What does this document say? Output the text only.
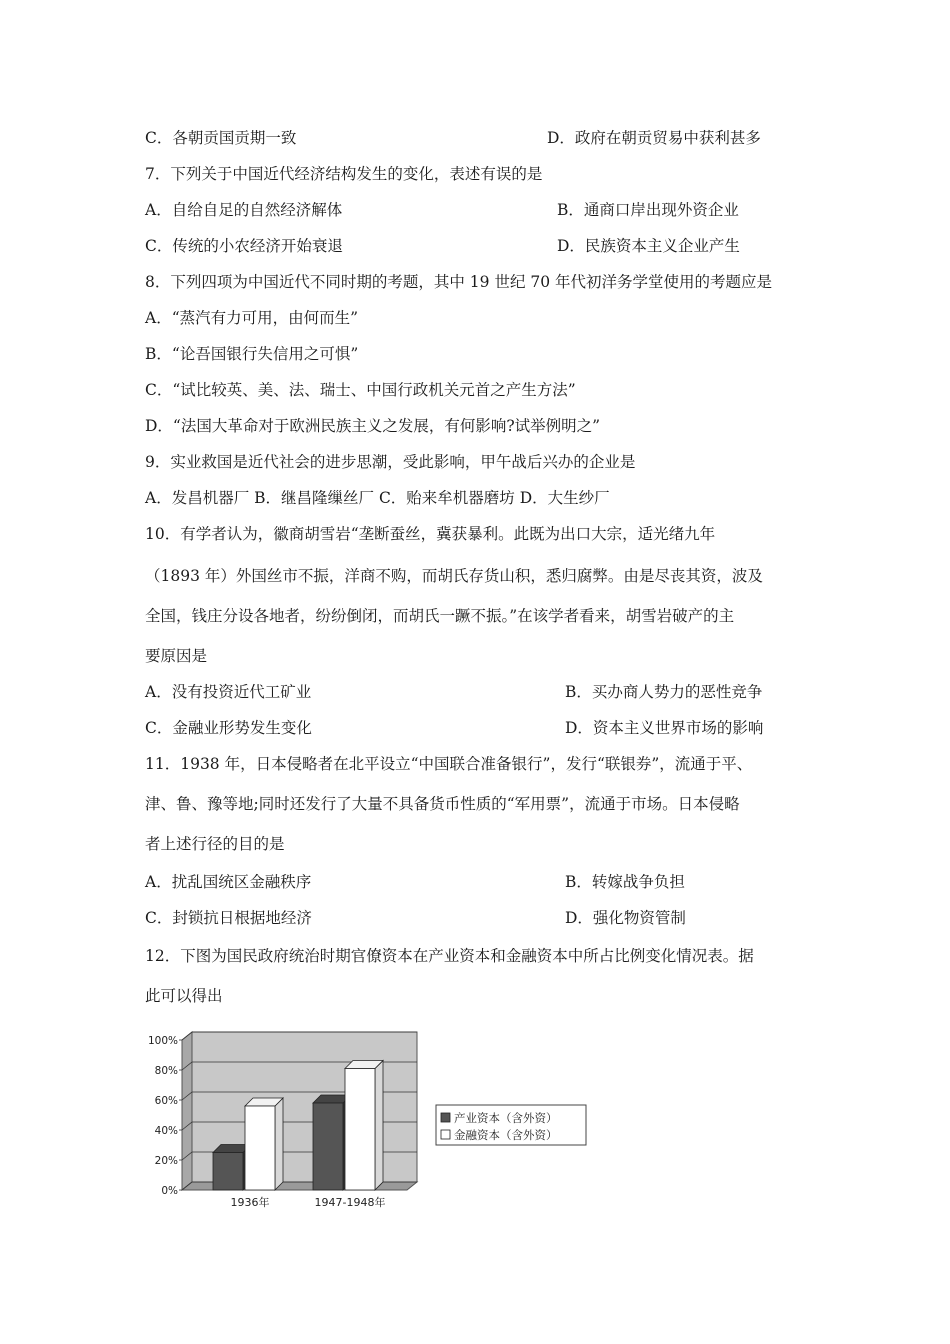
C．各朝贡国贡期一致	D．政府在朝贡贸易中获利甚多
7．下列关于中国近代经济结构发生的变化，表述有误的是
A．自给自足的自然经济解体	B．通商口岸出现外资企业
C．传统的小农经济开始衰退	D．民族资本主义企业产生
8．下列四项为中国近代不同时期的考题，其中 19 世纪 70 年代初洋务学堂使用的考题应是
A．“蒸汽有力可用，由何而生”
B．“论吾国银行失信用之可惧”
C．“试比较英、美、法、瑞士、中国行政机关元首之产生方法”
D．“法国大革命对于欧洲民族主义之发展，有何影响?试举例明之”
9．实业救国是近代社会的进步思潮，受此影响，甲午战后兴办的企业是
A．发昌机器厂 B．继昌隆缫丝厂 C．贻来牟机器磨坊 D．大生纱厂
10．有学者认为，徽商胡雪岩“垄断蚕丝，冀获暴利。此既为出口大宗，适光绪九年
（1893 年）外国丝市不振，洋商不购，而胡氏存货山积，悉归腐弊。由是尽丧其资，波及
全国，钱庄分设各地者，纷纷倒闭，而胡氏一蹶不振。”在该学者看来，胡雪岩破产的主
要原因是
A．没有投资近代工矿业	B．买办商人势力的恶性竞争
C．金融业形势发生变化	D．资本主义世界市场的影响
11．1938 年，日本侵略者在北平设立“中国联合准备银行”，发行“联银券”，流通于平、
津、鲁、豫等地;同时还发行了大量不具备货币性质的“军用票”，流通于市场。日本侵略
者上述行径的目的是
A．扰乱国统区金融秩序	B．转嫁战争负担
C．封锁抗日根据地经济	D．强化物资管制
12．下图为国民政府统治时期官僚资本在产业资本和金融资本中所占比例变化情况表。据
此可以得出
0%
20%
40%
60%
80%
100%
1936年	1947-1948年
产业资本（含外资）
金融资本（含外资）
